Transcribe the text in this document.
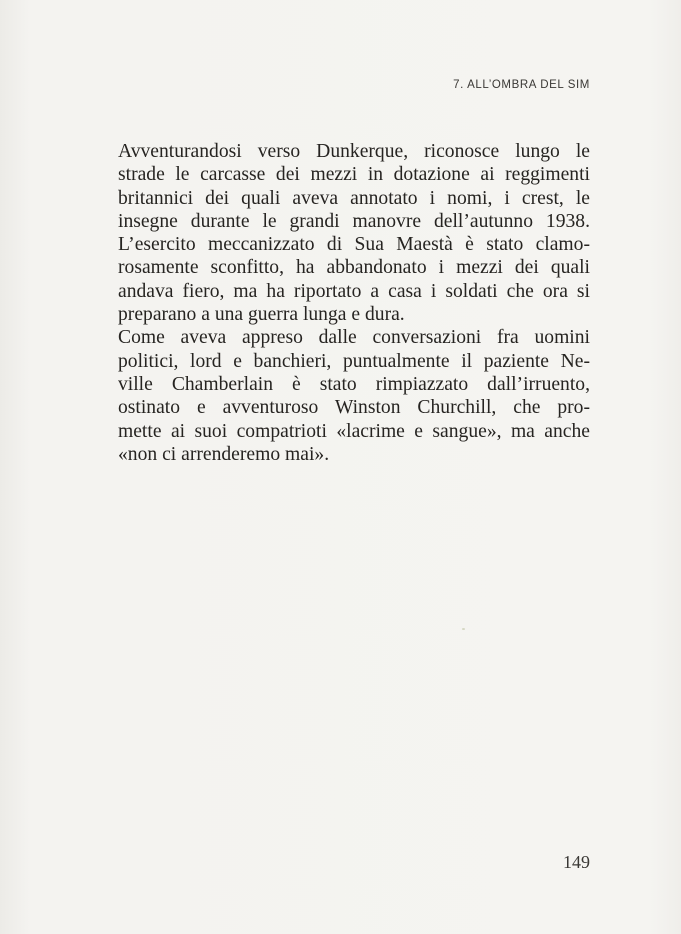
7. ALL’OMBRA DEL SIM
Avventurandosi verso Dunkerque, riconosce lungo le
strade le carcasse dei mezzi in dotazione ai reggimenti
britannici dei quali aveva annotato i nomi, i crest, le
insegne durante le grandi manovre dell’autunno 1938.
L’esercito meccanizzato di Sua Maestà è stato clamo-
rosamente sconfitto, ha abbandonato i mezzi dei quali
andava fiero, ma ha riportato a casa i soldati che ora si
preparano a una guerra lunga e dura.
Come aveva appreso dalle conversazioni fra uomini
politici, lord e banchieri, puntualmente il paziente Ne-
ville Chamberlain è stato rimpiazzato dall’irruento,
ostinato e avventuroso Winston Churchill, che pro-
mette ai suoi compatrioti «lacrime e sangue», ma anche
«non ci arrenderemo mai».
149
